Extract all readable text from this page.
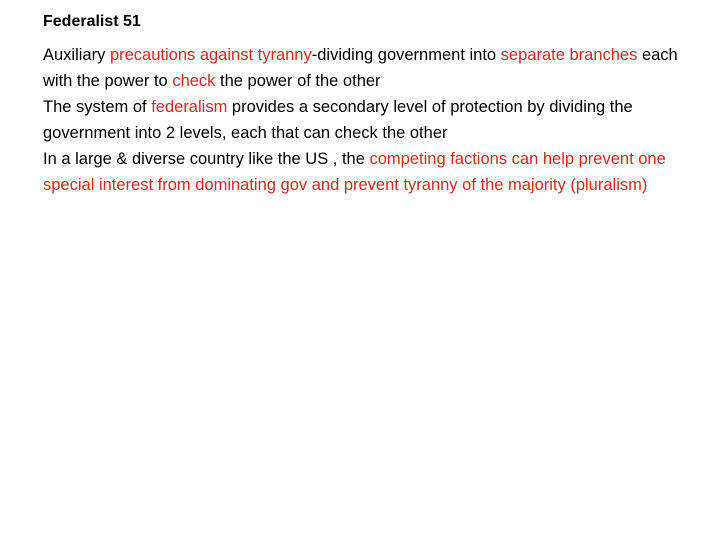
Federalist 51

Auxiliary precautions against tyranny-dividing government into separate branches each with the power to check the power of the other

The system of federalism provides a secondary level of protection by dividing the government into 2 levels, each that can check the other

In a large & diverse country like the US , the competing factions can help prevent one special interest from dominating gov and prevent tyranny of the majority (pluralism)
